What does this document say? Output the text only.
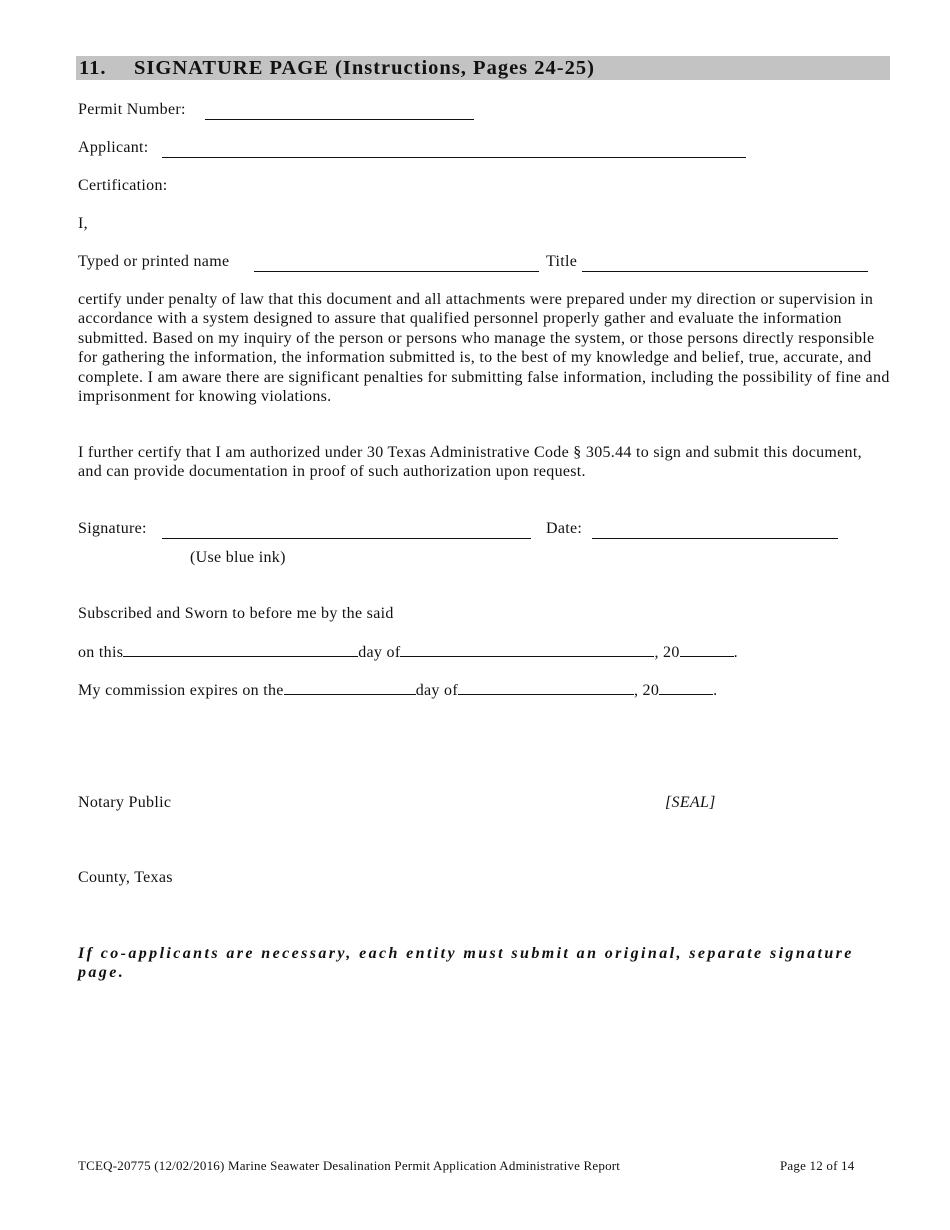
11. SIGNATURE PAGE (Instructions, Pages 24-25)
Permit Number:
Applicant:
Certification:
I,
Typed or printed name	Title
certify under penalty of law that this document and all attachments were prepared under my direction or supervision in accordance with a system designed to assure that qualified personnel properly gather and evaluate the information submitted. Based on my inquiry of the person or persons who manage the system, or those persons directly responsible for gathering the information, the information submitted is, to the best of my knowledge and belief, true, accurate, and complete. I am aware there are significant penalties for submitting false information, including the possibility of fine and imprisonment for knowing violations.
I further certify that I am authorized under 30 Texas Administrative Code § 305.44 to sign and submit this document, and can provide documentation in proof of such authorization upon request.
Signature:	Date:
(Use blue ink)
Subscribed and Sworn to before me by the said
on this	day of	, 20	.
My commission expires on the	day of	, 20	.
Notary Public	[SEAL]
County, Texas
If co-applicants are necessary, each entity must submit an original, separate signature page.
TCEQ-20775 (12/02/2016) Marine Seawater Desalination Permit Application Administrative Report	Page 12 of 14
